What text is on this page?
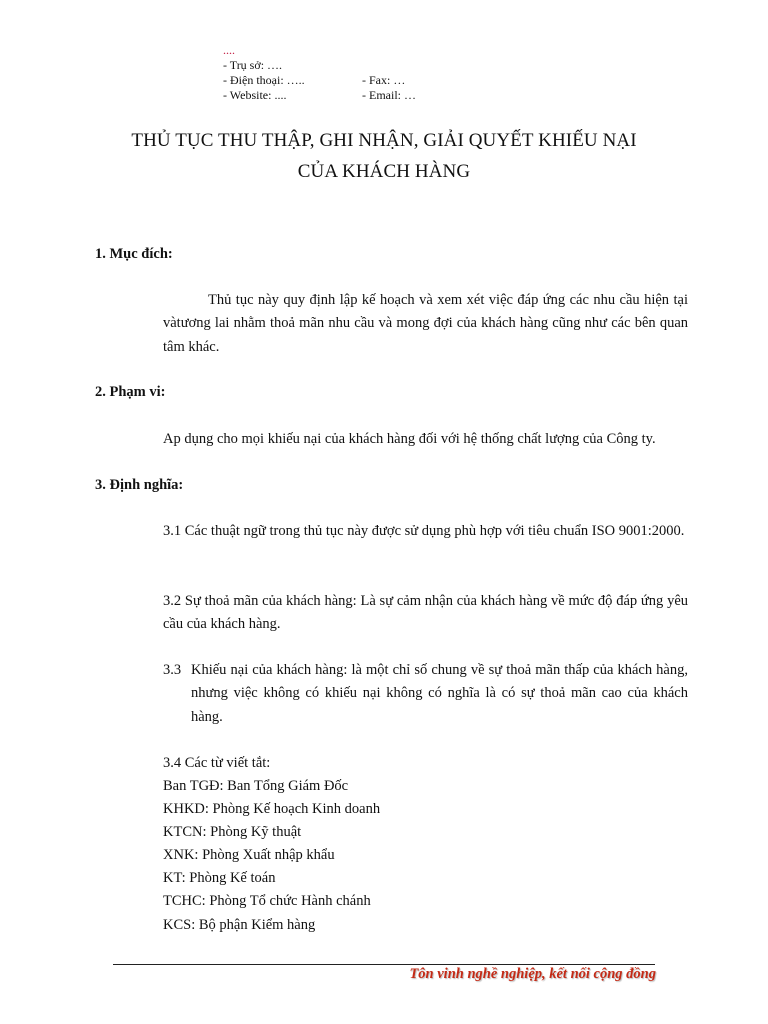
....
- Trụ sở: ….
- Điện thoại: …..	- Fax: …
- Website: ....	- Email: …
THỦ TỤC THU THẬP, GHI NHẬN, GIẢI QUYẾT KHIẾU NẠI
CỦA KHÁCH HÀNG
1. Mục đích:
Thủ tục này quy định lập kế hoạch và xem xét việc đáp ứng các nhu cầu hiện tại vàtương lai nhằm thoả mãn nhu cầu và mong đợi của khách hàng cũng như các bên quan tâm khác.
2. Phạm vi:
Ap dụng cho mọi khiếu nại của khách hàng đối với hệ thống chất lượng của Công ty.
3. Định nghĩa:
3.1 Các thuật ngữ trong thủ tục này được sử dụng phù hợp với tiêu chuẩn ISO 9001:2000.
3.2 Sự thoả mãn của khách hàng: Là sự cảm nhận của khách hàng về mức độ đáp ứng yêu cầu của khách hàng.
3.3 Khiếu nại của khách hàng: là một chỉ số chung về sự thoả mãn thấp của khách hàng, nhưng việc không có khiếu nại không có nghĩa là có sự thoả mãn cao của khách hàng.
3.4 Các từ viết tắt:
Ban TGĐ: Ban Tổng Giám Đốc
KHKD: Phòng Kế hoạch Kinh doanh
KTCN: Phòng Kỹ thuật
XNK: Phòng Xuất nhập khẩu
KT: Phòng Kế toán
TCHC: Phòng Tổ chức Hành chánh
KCS: Bộ phận Kiểm hàng
Tôn vinh nghề nghiệp, kết nối cộng đồng
